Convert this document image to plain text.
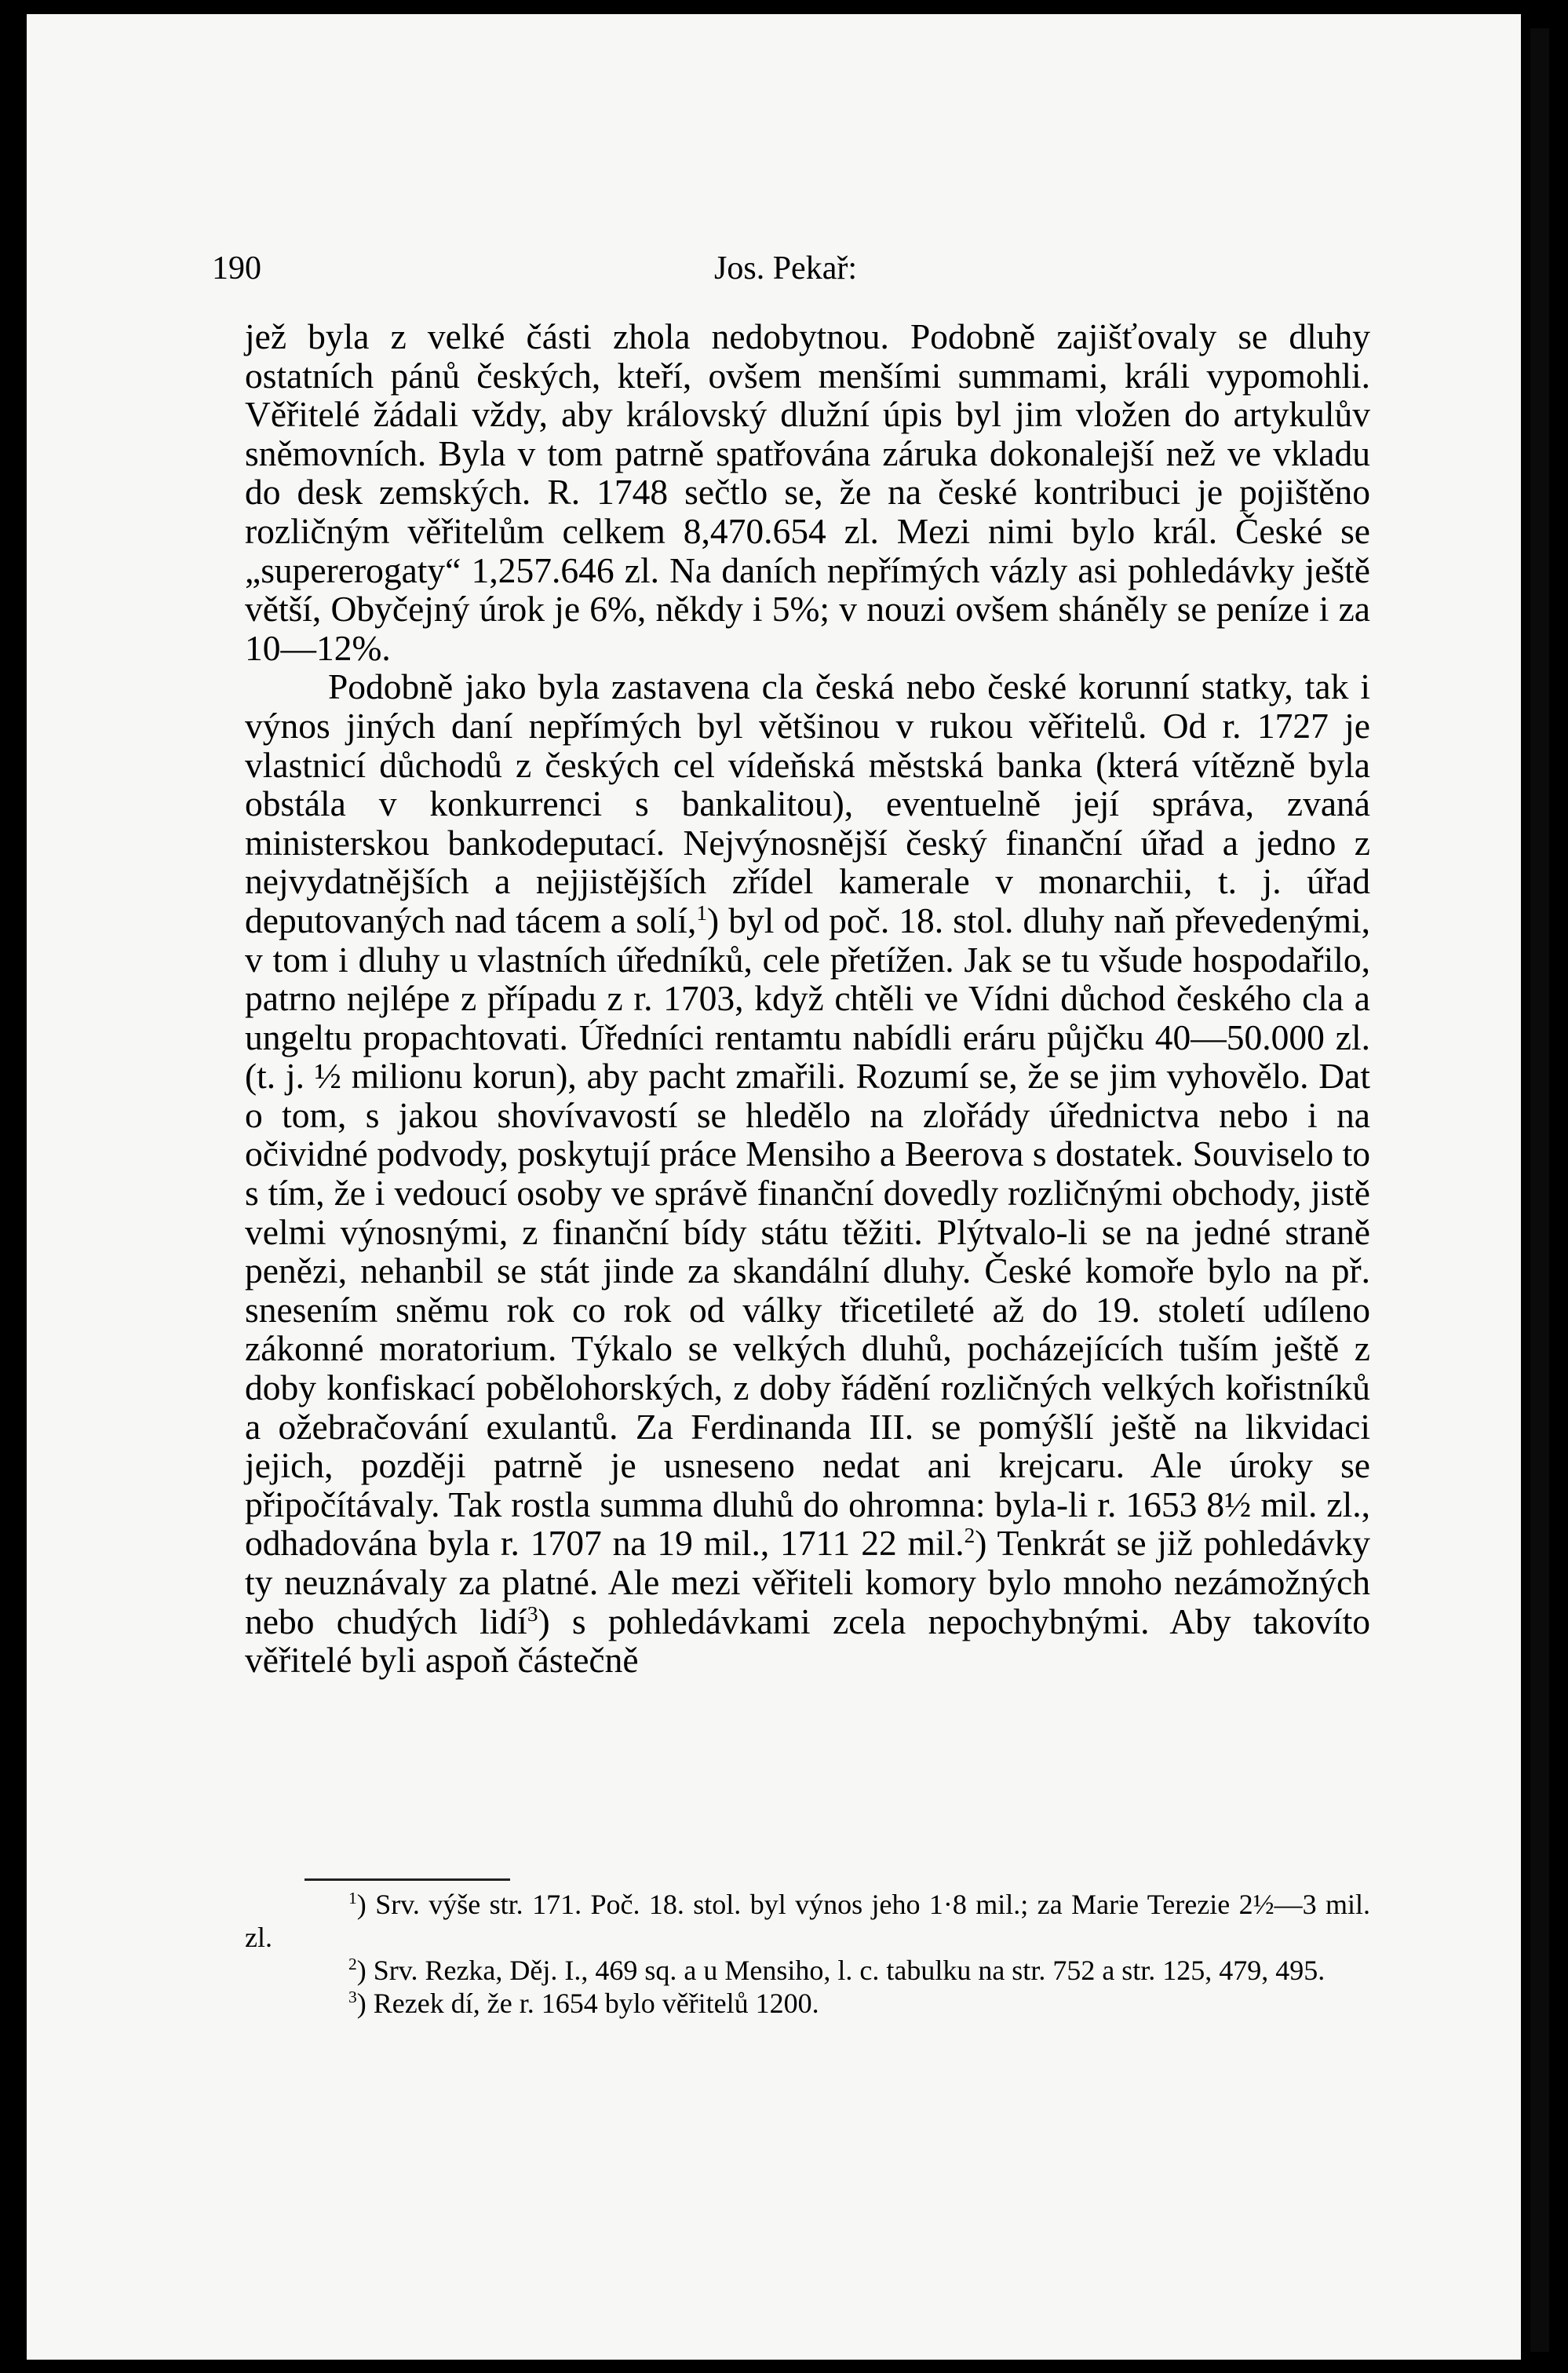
190	Jos. Pekař:

jež byla z velké části zhola nedobytnou. Podobně zajišťovaly se dluhy ostatních pánů českých, kteří, ovšem menšími summami, králi vypomohli. Věřitelé žádali vždy, aby královský dlužní úpis byl jim vložen do artykulův sněmovních. Byla v tom patrně spatřována záruka dokonalejší než ve vkladu do desk zemských. R. 1748 sečtlo se, že na české kontribuci je pojištěno rozličným věřitelům celkem 8,470.654 zl. Mezi nimi bylo král. České se „supererogaty“ 1,257.646 zl. Na daních nepřímých vázly asi pohledávky ještě větší, Obyčejný úrok je 6%, někdy i 5%; v nouzi ovšem sháněly se peníze i za 10—12%.

Podobně jako byla zastavena cla česká nebo české korunní statky, tak i výnos jiných daní nepřímých byl většinou v rukou věřitelů. Od r. 1727 je vlastnicí důchodů z českých cel vídeňská městská banka (která vítězně byla obstála v konkurrenci s bankalitou), eventuelně její správa, zvaná ministerskou bankodeputací. Nejvýnosnější český finanční úřad a jedno z nejvydatnějších a nejjistějších zřídel kamerale v monarchii, t. j. úřad deputovaných nad tácem a solí,$^1$) byl od poč. 18. stol. dluhy naň převedenými, v tom i dluhy u vlastních úředníků, cele přetížen. Jak se tu všude hospodařilo, patrno nejlépe z případu z r. 1703, když chtěli ve Vídni důchod českého cla a ungeltu propachtovati. Úředníci rentamtu nabídli eráru půjčku 40—50.000 zl. (t. j. ½ milionu korun), aby pacht zmařili. Rozumí se, že se jim vyhovělo. Dat o tom, s jakou shovívavostí se hledělo na zlořády úřednictva nebo i na očividné podvody, poskytují práce Mensiho a Beerova s dostatek. Souviselo to s tím, že i vedoucí osoby ve správě finanční dovedly rozličnými obchody, jistě velmi výnosnými, z finanční bídy státu těžiti. Plýtvalo-li se na jedné straně penězi, nehanbil se stát jinde za skandální dluhy. České komoře bylo na př. snesením sněmu rok co rok od války třicetileté až do 19. století udíleno zákonné moratorium. Týkalo se velkých dluhů, pocházejících tuším ještě z doby konfiskací pobělohorských, z doby řádění rozličných velkých kořistníků a ožebračování exulantů. Za Ferdinanda III. se pomýšlí ještě na likvidaci jejich, později patrně je usneseno nedat ani krejcaru. Ale úroky se připočítávaly. Tak rostla summa dluhů do ohromna: byla-li r. 1653 8½ mil. zl., odhadována byla r. 1707 na 19 mil., 1711 22 mil.$^2$) Tenkrát se již pohledávky ty neuznávaly za platné. Ale mezi věřiteli komory bylo mnoho nezámožných nebo chudých lidí$^3$) s pohledávkami zcela nepochybnými. Aby takovíto věřitelé byli aspoň částečně

$^1$) Srv. výše str. 171. Poč. 18. stol. byl výnos jeho 1·8 mil.; za Marie Terezie 2½—3 mil. zl.

$^2$) Srv. Rezka, Děj. I., 469 sq. a u Mensiho, l. c. tabulku na str. 752 a str. 125, 479, 495.

$^3$) Rezek dí, že r. 1654 bylo věřitelů 1200.
